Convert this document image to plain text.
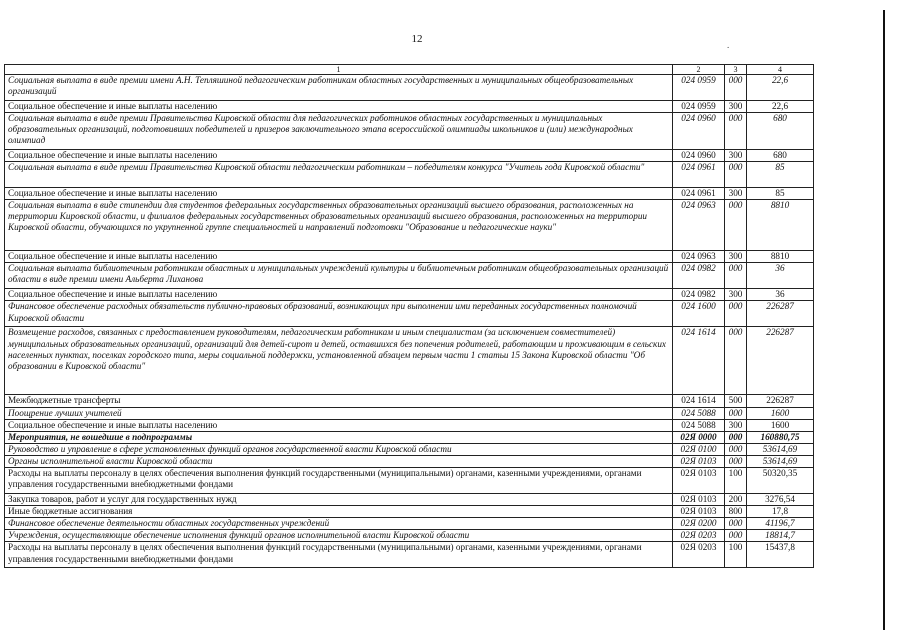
12	.
1	2	3	4
Социальная выплата в виде премии имени А.Н. Тепляшиной педагогическим работникам областных государственных и муниципальных общеобразовательных организаций	024 0959	000	22,6
Социальное обеспечение и иные выплаты населению	024 0959	300	22,6
Социальная выплата в виде премии Правительства Кировской области для педагогических работников областных государственных и муниципальных образовательных организаций, подготовивших победителей и призеров заключительного этапа всероссийской олимпиады школьников и (или) международных олимпиад	024 0960	000	680
Социальное обеспечение и иные выплаты населению	024 0960	300	680
Социальная выплата в виде премии Правительства Кировской области педагогическим работникам – победителям конкурса "Учитель года Кировской области"	024 0961	000	85
Социальное обеспечение и иные выплаты населению	024 0961	300	85
Социальная выплата в виде стипендии для студентов федеральных государственных образовательных организаций высшего образования, расположенных на территории Кировской области, и филиалов федеральных государственных образовательных организаций высшего образования, расположенных на территории Кировской области, обучающихся по укрупненной группе специальностей и направлений подготовки "Образование и педагогические науки"	024 0963	000	8810
Социальное обеспечение и иные выплаты населению	024 0963	300	8810
Социальная выплата библиотечным работникам областных и муниципальных учреждений культуры и библиотечным работникам общеобразовательных организаций области в виде премии имени Альберта Лиханова	024 0982	000	36
Социальное обеспечение и иные выплаты населению	024 0982	300	36
Финансовое обеспечение расходных обязательств публично-правовых образований, возникающих при выполнении ими переданных государственных полномочий Кировской области	024 1600	000	226287
Возмещение расходов, связанных с предоставлением руководителям, педагогическим работникам и иным специалистам (за исключением совместителей) муниципальных образовательных организаций, организаций для детей-сирот и детей, оставшихся без попечения родителей, работающим и проживающим в сельских населенных пунктах, поселках городского типа, меры социальной поддержки, установленной абзацем первым части 1 статьи 15 Закона Кировской области "Об образовании в Кировской области"	024 1614	000	226287
Межбюджетные трансферты	024 1614	500	226287
Поощрение лучших учителей	024 5088	000	1600
Социальное обеспечение и иные выплаты населению	024 5088	300	1600
Мероприятия, не вошедшие в подпрограммы	02Я 0000	000	160880,75
Руководство и управление в сфере установленных функций органов государственной власти Кировской области	02Я 0100	000	53614,69
Органы исполнительной власти Кировской области	02Я 0103	000	53614,69
Расходы на выплаты персоналу в целях обеспечения выполнения функций государственными (муниципальными) органами, казенными учреждениями, органами управления государственными внебюджетными фондами	02Я 0103	100	50320,35
Закупка товаров, работ и услуг для государственных нужд	02Я 0103	200	3276,54
Иные бюджетные ассигнования	02Я 0103	800	17,8
Финансовое обеспечение деятельности областных государственных учреждений	02Я 0200	000	41196,7
Учреждения, осуществляющие обеспечение исполнения функций органов исполнительной власти Кировской области	02Я 0203	000	18814,7
Расходы на выплаты персоналу в целях обеспечения выполнения функций государственными (муниципальными) органами, казенными учреждениями, органами управления государственными внебюджетными фондами	02Я 0203	100	15437,8
